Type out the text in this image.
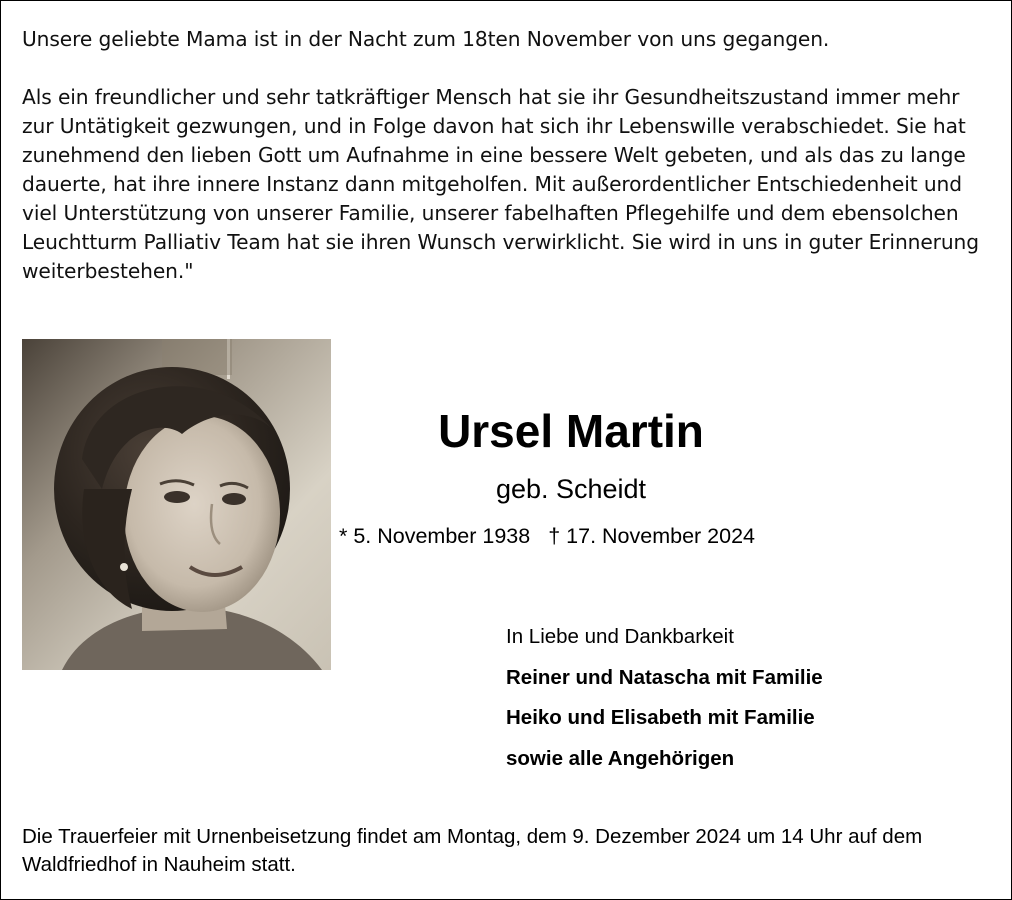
Unsere geliebte Mama ist in der Nacht zum 18ten November von uns gegangen.

Als ein freundlicher und sehr tatkräftiger Mensch hat sie ihr Gesundheitszustand immer mehr zur Untätigkeit gezwungen, und in Folge davon hat sich ihr Lebenswille verabschiedet. Sie hat zunehmend den lieben Gott um Aufnahme in eine bessere Welt gebeten, und als das zu lange dauerte, hat ihre innere Instanz dann mitgeholfen. Mit außerordentlicher Entschiedenheit und viel Unterstützung von unserer Familie, unserer fabelhaften Pflegehilfe und dem ebensolchen Leuchtturm Palliativ Team hat sie ihren Wunsch verwirklicht. Sie wird in uns in guter Erinnerung weiterbestehen."

Ursel Martin
geb. Scheidt
* 5. November 1938 † 17. November 2024
In Liebe und Dankbarkeit
Reiner und Natascha mit Familie
Heiko und Elisabeth mit Familie
sowie alle Angehörigen
Die Trauerfeier mit Urnenbeisetzung findet am Montag, dem 9. Dezember 2024 um 14 Uhr auf dem Waldfriedhof in Nauheim statt.
